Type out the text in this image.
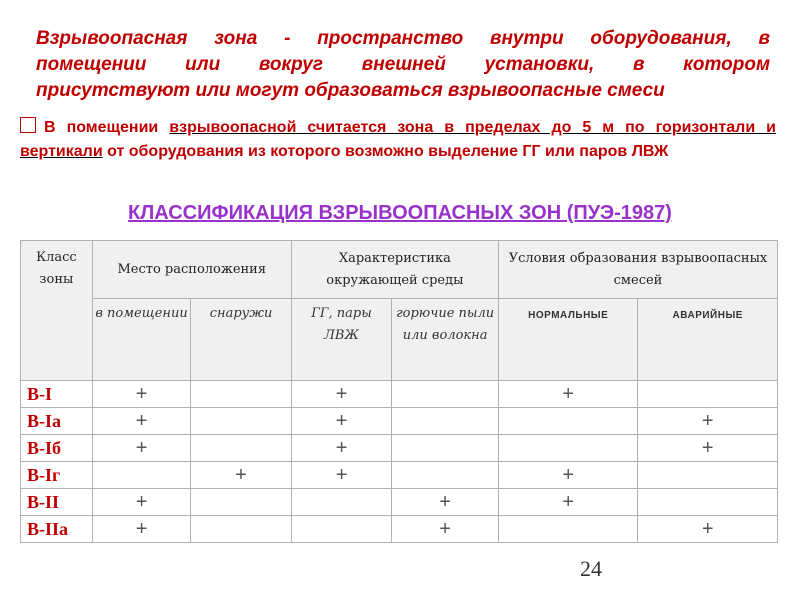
Взрывоопасная зона - пространство внутри оборудования, в
помещении или вокруг внешней установки, в котором
присутствуют или могут образоваться взрывоопасные смеси
В помещении взрывоопасной считается зона в пределах до 5 м по горизонтали и вертикали от оборудования из которого возможно выделение ГГ или паров ЛВЖ
КЛАССИФИКАЦИЯ ВЗРЫВООПАСНЫХ ЗОН (ПУЭ-1987)
Класс зоны	Место расположения		Характеристика окружающей среды		Условия образования взрывоопасных смесей	
	в помещении	снаружи	ГГ, пары ЛВЖ	горючие пыли или волокна	НОРМАЛЬНЫЕ	АВАРИЙНЫЕ
В-I	+		+		+	
В-Iа	+		+			+
В-Iб	+		+			+
В-Iг		+	+		+	
В-II	+			+	+	
В-IIа	+			+		+
24
